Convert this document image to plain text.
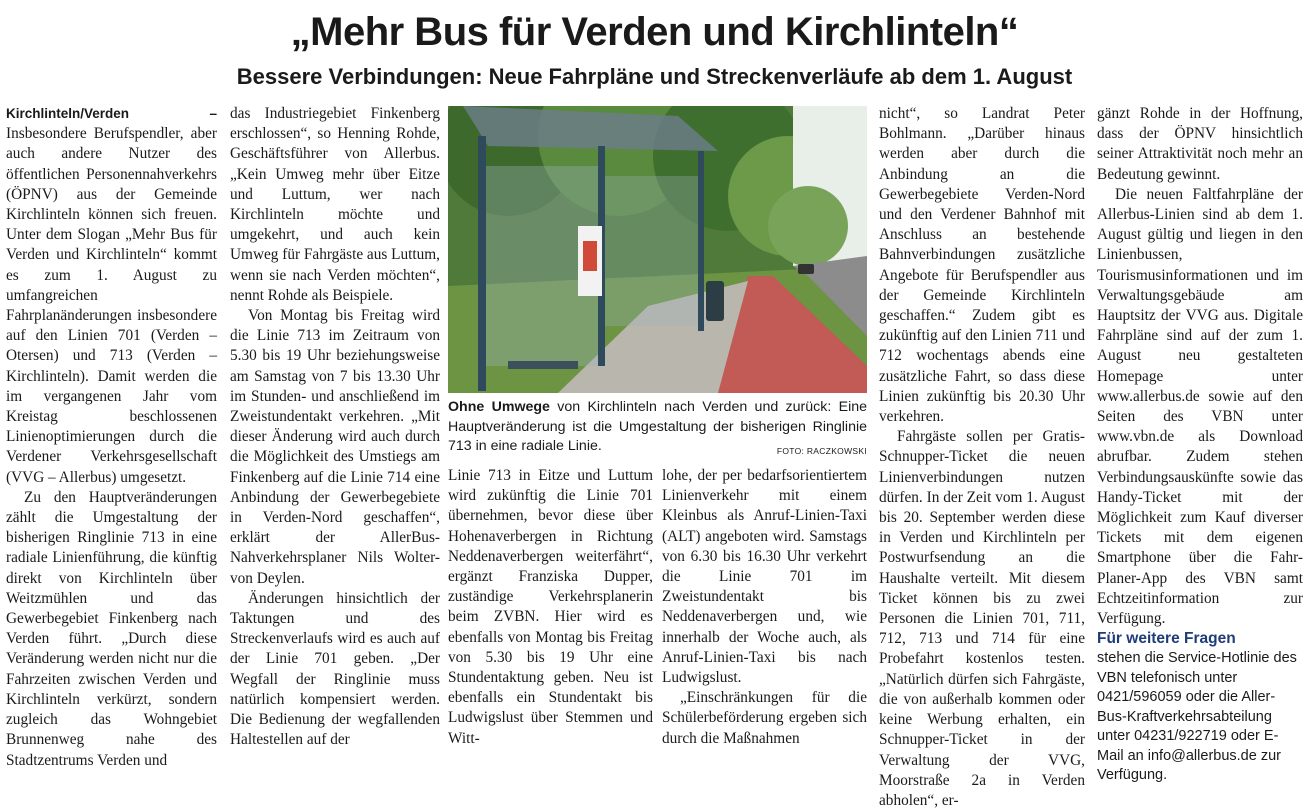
„Mehr Bus für Verden und Kirchlinteln“
Bessere Verbindungen: Neue Fahrpläne und Streckenverläufe ab dem 1. August

Kirchlinteln/Verden – Insbesondere Berufspendler, aber auch andere Nutzer des öffentlichen Personennahverkehrs (ÖPNV) aus der Gemeinde Kirchlinteln können sich freuen. Unter dem Slogan „Mehr Bus für Verden und Kirchlinteln“ kommt es zum 1. August zu umfangreichen Fahrplanänderungen insbesondere auf den Linien 701 (Verden – Otersen) und 713 (Verden – Kirchlinteln). Damit werden die im vergangenen Jahr vom Kreistag beschlossenen Linienoptimierungen durch die Verdener Verkehrsgesellschaft (VVG – Allerbus) umgesetzt.

Zu den Hauptveränderungen zählt die Umgestaltung der bisherigen Ringlinie 713 in eine radiale Linienführung, die künftig direkt von Kirchlinteln über Weitzmühlen und das Gewerbegebiet Finkenberg nach Verden führt. „Durch diese Veränderung werden nicht nur die Fahrzeiten zwischen Verden und Kirchlinteln verkürzt, sondern zugleich das Wohngebiet Brunnenweg nahe des Stadtzentrums Verden und

das Industriegebiet Finkenberg erschlossen“, so Henning Rohde, Geschäftsführer von Allerbus. „Kein Umweg mehr über Eitze und Luttum, wer nach Kirchlinteln möchte und umgekehrt, und auch kein Umweg für Fahrgäste aus Luttum, wenn sie nach Verden möchten“, nennt Rohde als Beispiele.

Von Montag bis Freitag wird die Linie 713 im Zeitraum von 5.30 bis 19 Uhr beziehungsweise am Samstag von 7 bis 13.30 Uhr im Stunden- und anschließend im Zweistundentakt verkehren. „Mit dieser Änderung wird auch durch die Möglichkeit des Umstiegs am Finkenberg auf die Linie 714 eine Anbindung der Gewerbegebiete in Verden-Nord geschaffen“, erklärt der AllerBus-Nahverkehrsplaner Nils Wolter-von Deylen.

Änderungen hinsichtlich der Taktungen und des Streckenverlaufs wird es auch auf der Linie 701 geben. „Der Wegfall der Ringlinie muss natürlich kompensiert werden. Die Bedienung der wegfallenden Haltestellen auf der

Ohne Umwege von Kirchlinteln nach Verden und zurück: Eine Hauptveränderung ist die Umgestaltung der bisherigen Ringlinie 713 in eine radiale Linie.	FOTO: RACZKOWSKI

Linie 713 in Eitze und Luttum wird zukünftig die Linie 701 übernehmen, bevor diese über Hohenaverbergen in Richtung Neddenaverbergen weiterfährt“, ergänzt Franziska Dupper, zuständige Verkehrsplanerin beim ZVBN. Hier wird es ebenfalls von Montag bis Freitag von 5.30 bis 19 Uhr eine Stundentaktung geben. Neu ist ebenfalls ein Stundentakt bis Ludwigslust über Stemmen und Witt-

lohe, der per bedarfsorientiertem Linienverkehr mit einem Kleinbus als Anruf-Linien-Taxi (ALT) angeboten wird. Samstags von 6.30 bis 16.30 Uhr verkehrt die Linie 701 im Zweistundentakt bis Neddenaverbergen und, wie innerhalb der Woche auch, als Anruf-Linien-Taxi bis nach Ludwigslust.

„Einschränkungen für die Schülerbeförderung ergeben sich durch die Maßnahmen

nicht“, so Landrat Peter Bohlmann. „Darüber hinaus werden aber durch die Anbindung an die Gewerbegebiete Verden-Nord und den Verdener Bahnhof mit Anschluss an bestehende Bahnverbindungen zusätzliche Angebote für Berufspendler aus der Gemeinde Kirchlinteln geschaffen.“ Zudem gibt es zukünftig auf den Linien 711 und 712 wochentags abends eine zusätzliche Fahrt, so dass diese Linien zukünftig bis 20.30 Uhr verkehren.

Fahrgäste sollen per Gratis-Schnupper-Ticket die neuen Linienverbindungen nutzen dürfen. In der Zeit vom 1. August bis 20. September werden diese in Verden und Kirchlinteln per Postwurfsendung an die Haushalte verteilt. Mit diesem Ticket können bis zu zwei Personen die Linien 701, 711, 712, 713 und 714 für eine Probefahrt kostenlos testen. „Natürlich dürfen sich Fahrgäste, die von außerhalb kommen oder keine Werbung erhalten, ein Schnupper-Ticket in der Verwaltung der VVG, Moorstraße 2a in Verden abholen“, er-

gänzt Rohde in der Hoffnung, dass der ÖPNV hinsichtlich seiner Attraktivität noch mehr an Bedeutung gewinnt.

Die neuen Faltfahrpläne der Allerbus-Linien sind ab dem 1. August gültig und liegen in den Linienbussen, Tourismusinformationen und im Verwaltungsgebäude am Hauptsitz der VVG aus. Digitale Fahrpläne sind auf der zum 1. August neu gestalteten Homepage unter www.allerbus.de sowie auf den Seiten des VBN unter www.vbn.de als Download abrufbar. Zudem stehen Verbindungsauskünfte sowie das Handy-Ticket mit der Möglichkeit zum Kauf diverser Tickets mit dem eigenen Smartphone über die Fahr-Planer-App des VBN samt Echtzeitinformation zur Verfügung.

Für weitere Fragen

stehen die Service-Hotlinie des VBN telefonisch unter 0421/596059 oder die Aller-Bus-Kraftverkehrsabteilung unter 04231/922719 oder E-Mail an info@allerbus.de zur Verfügung.
